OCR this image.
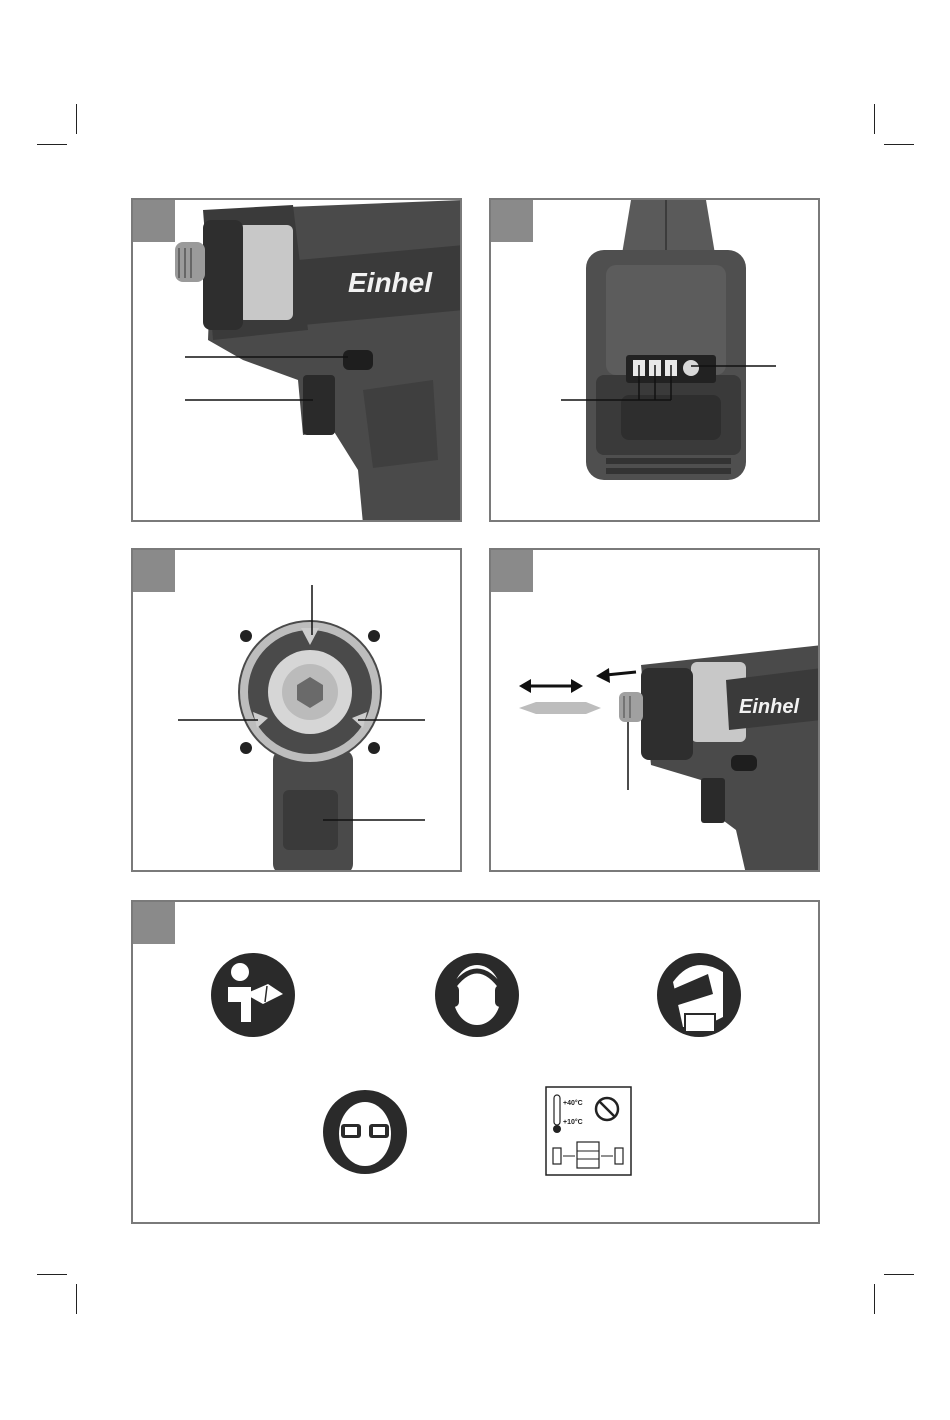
Einhel
Einhel
+40°C
+10°C
